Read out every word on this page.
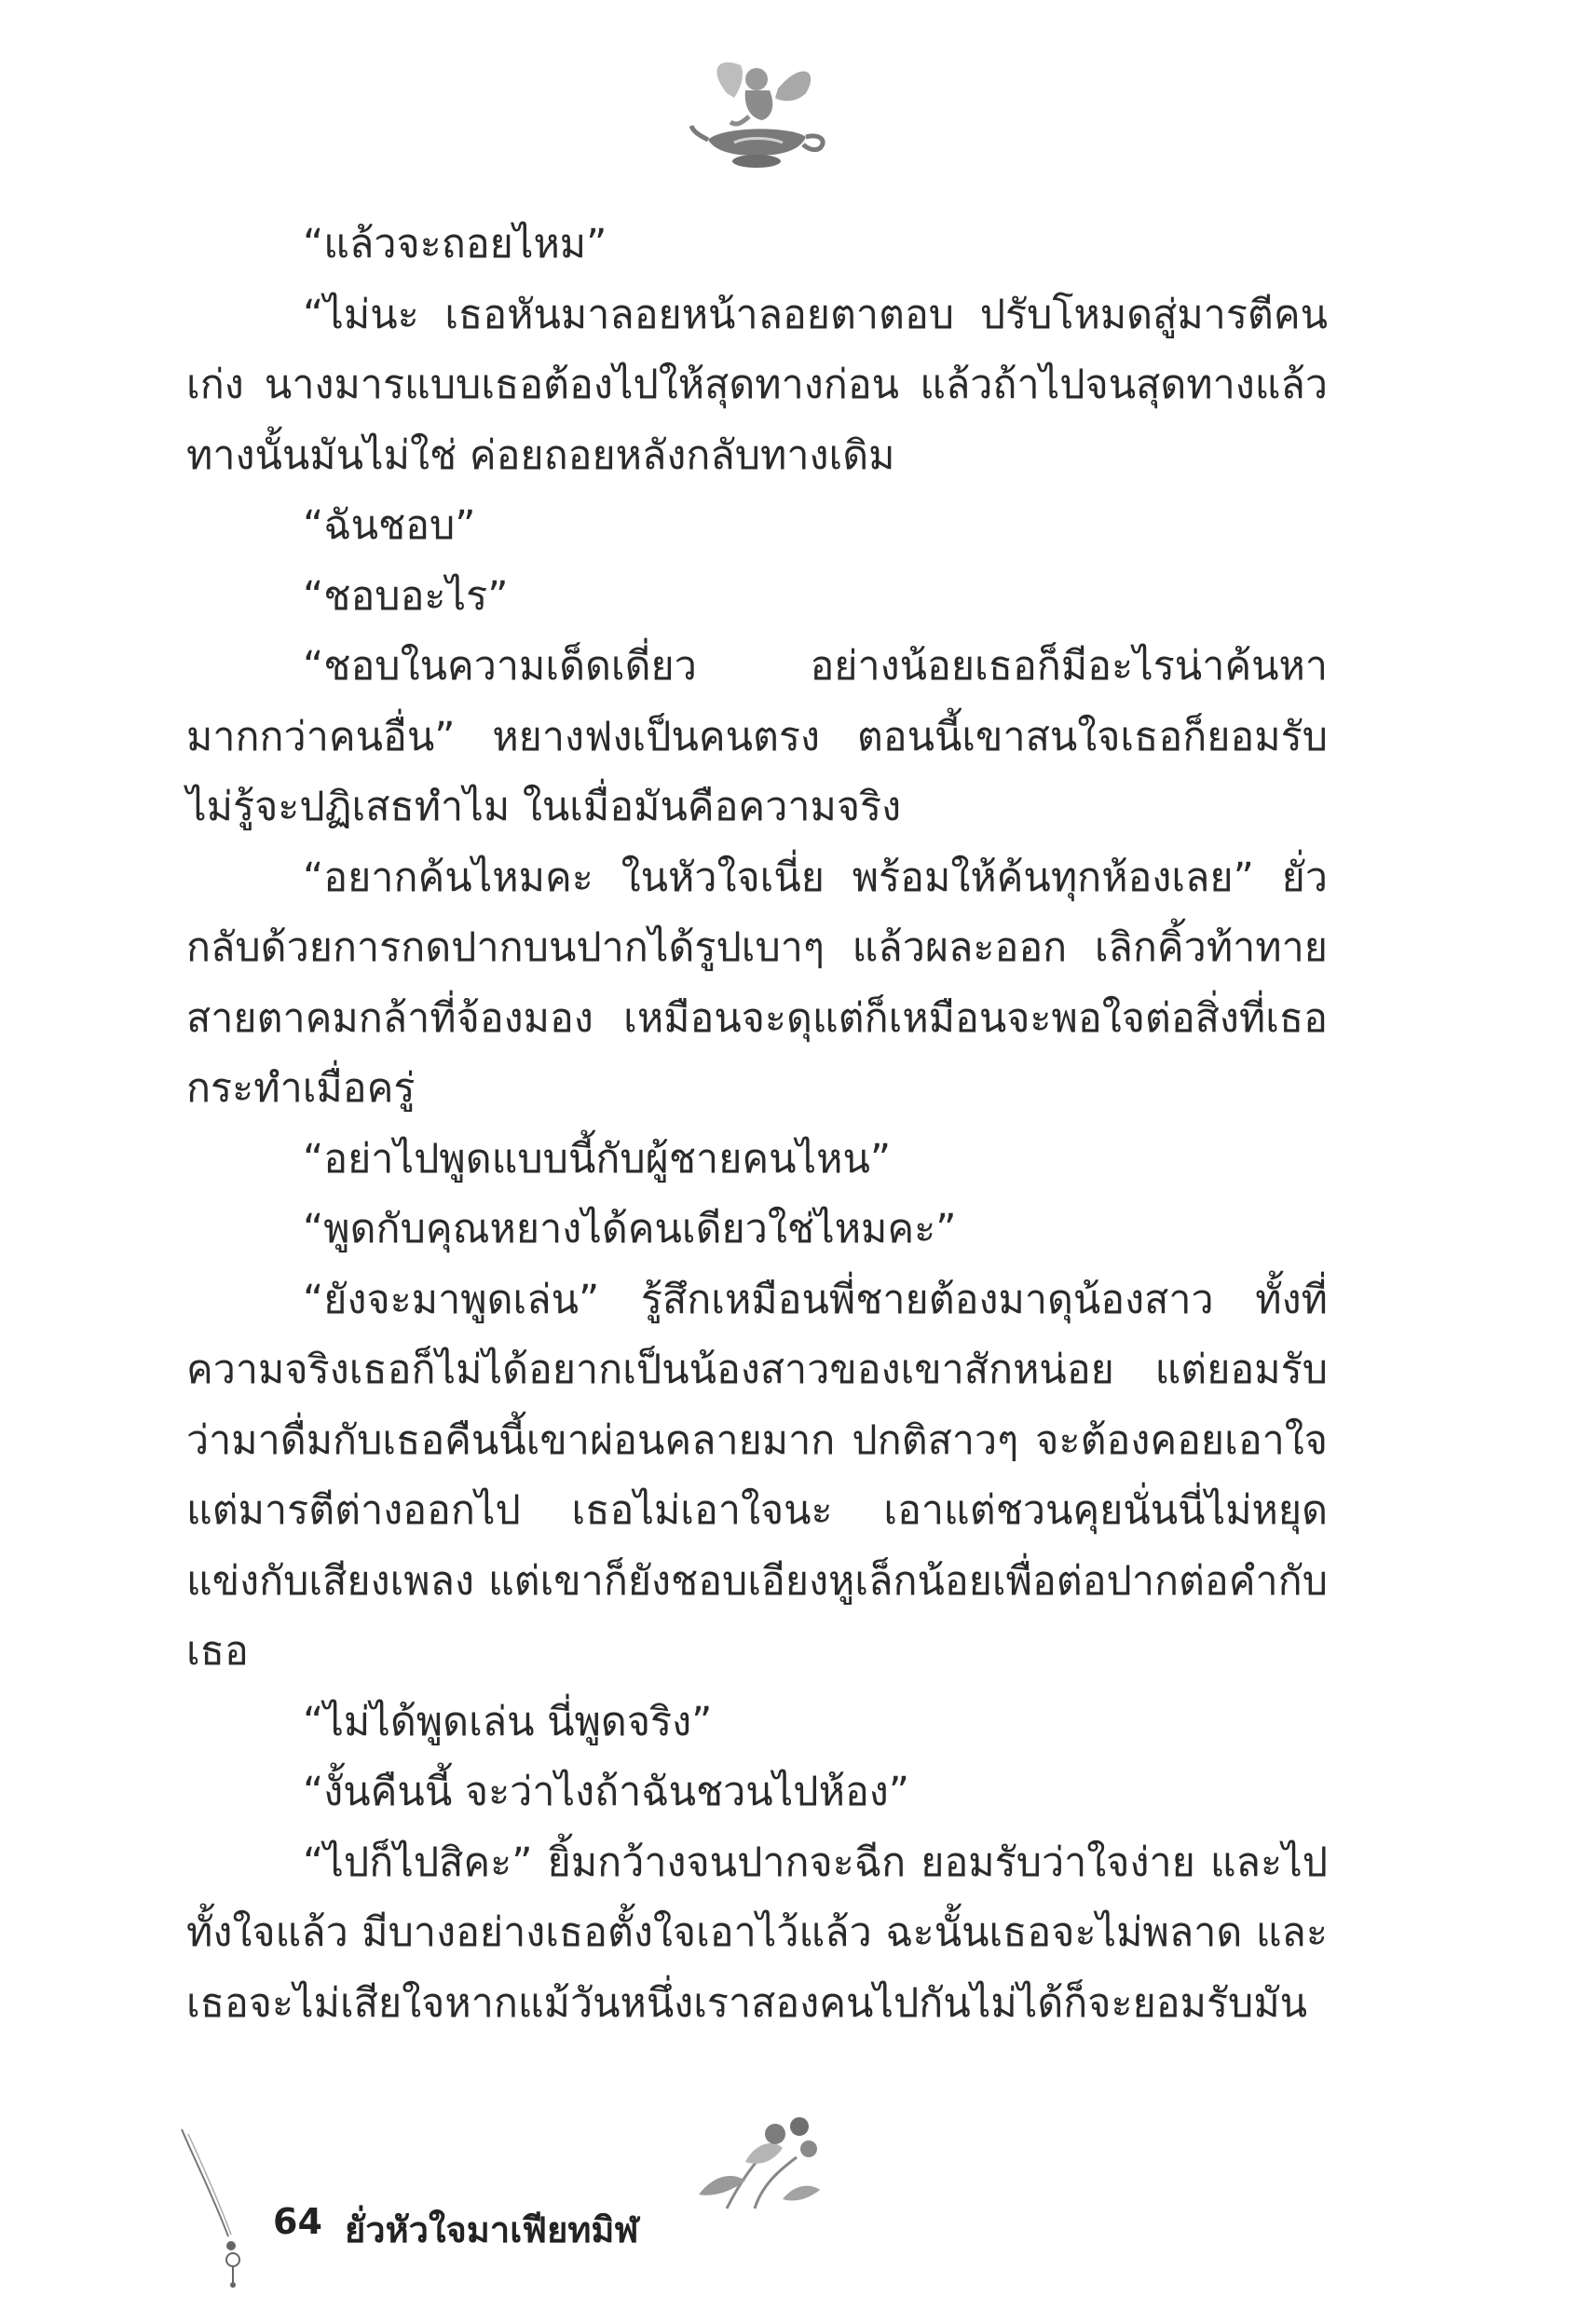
“แล้วจะถอยไหม”

“ไม่นะ เธอหันมาลอยหน้าลอยตาตอบ ปรับโหมดสู่มารตีคนเก่ง นางมารแบบเธอต้องไปให้สุดทางก่อน แล้วถ้าไปจนสุดทางแล้วทางนั้นมันไม่ใช่ ค่อยถอยหลังกลับทางเดิม

“ฉันชอบ”

“ชอบอะไร”

“ชอบในความเด็ดเดี่ยว อย่างน้อยเธอก็มีอะไรน่าค้นหามากกว่าคนอื่น” หยางฟงเป็นคนตรง ตอนนี้เขาสนใจเธอก็ยอมรับ ไม่รู้จะปฏิเสธทำไม ในเมื่อมันคือความจริง

“อยากค้นไหมคะ ในหัวใจเนี่ย พร้อมให้ค้นทุกห้องเลย” ยั่วกลับด้วยการกดปากบนปากได้รูปเบาๆ แล้วผละออก เลิกคิ้วท้าทายสายตาคมกล้าที่จ้องมอง เหมือนจะดุแต่ก็เหมือนจะพอใจต่อสิ่งที่เธอกระทำเมื่อครู่

“อย่าไปพูดแบบนี้กับผู้ชายคนไหน”

“พูดกับคุณหยางได้คนเดียวใช่ไหมคะ”

“ยังจะมาพูดเล่น” รู้สึกเหมือนพี่ชายต้องมาดุน้องสาว ทั้งที่ความจริงเธอก็ไม่ได้อยากเป็นน้องสาวของเขาสักหน่อย แต่ยอมรับว่ามาดื่มกับเธอคืนนี้เขาผ่อนคลายมาก ปกติสาวๆ จะต้องคอยเอาใจ แต่มารตีต่างออกไป เธอไม่เอาใจนะ เอาแต่ชวนคุยนั่นนี่ไม่หยุด แข่งกับเสียงเพลง แต่เขาก็ยังชอบเอียงหูเล็กน้อยเพื่อต่อปากต่อคำกับเธอ

“ไม่ได้พูดเล่น นี่พูดจริง”

“งั้นคืนนี้ จะว่าไงถ้าฉันชวนไปห้อง”

“ไปก็ไปสิคะ” ยิ้มกว้างจนปากจะฉีก ยอมรับว่าใจง่าย และไปทั้งใจแล้ว มีบางอย่างเธอตั้งใจเอาไว้แล้ว ฉะนั้นเธอจะไม่พลาด และเธอจะไม่เสียใจหากแม้วันหนึ่งเราสองคนไปกันไม่ได้ก็จะยอมรับมัน

64 ยั่วหัวใจมาเฟียทมิฬ
